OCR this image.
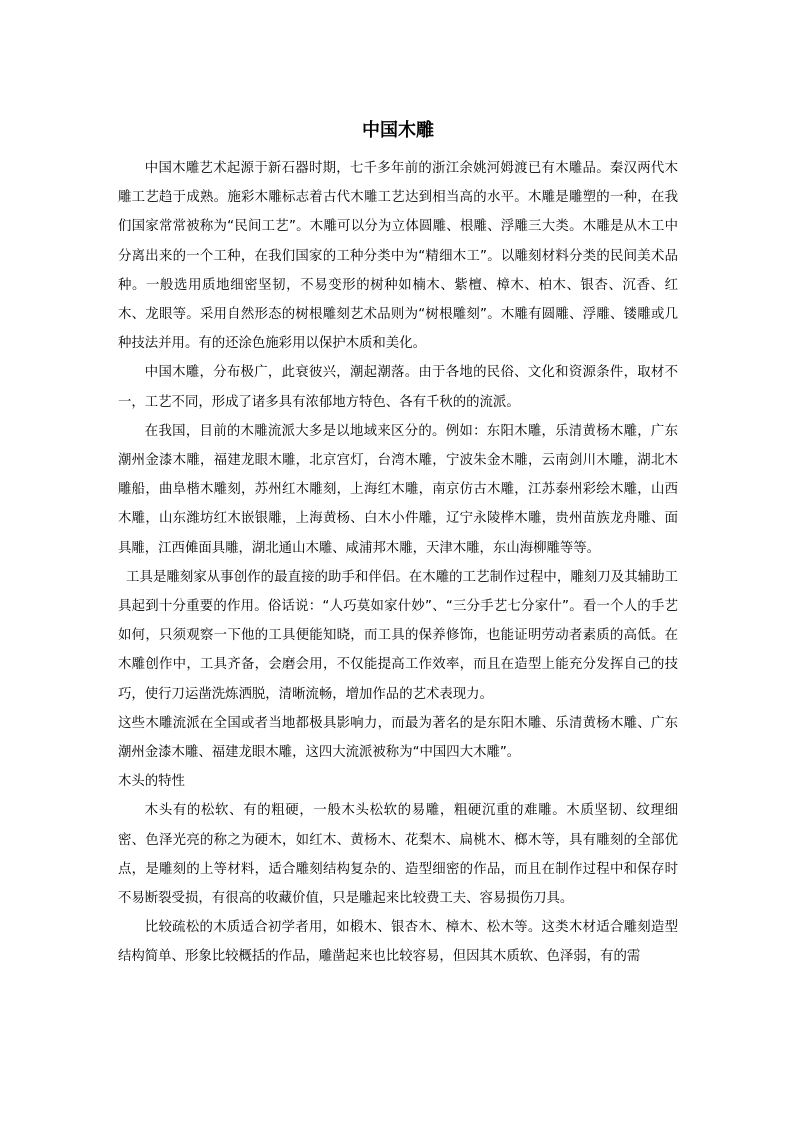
中国木雕

中国木雕艺术起源于新石器时期，七千多年前的浙江余姚河姆渡已有木雕品。秦汉两代木雕工艺趋于成熟。施彩木雕标志着古代木雕工艺达到相当高的水平。木雕是雕塑的一种，在我们国家常常被称为“民间工艺”。木雕可以分为立体圆雕、根雕、浮雕三大类。木雕是从木工中分离出来的一个工种，在我们国家的工种分类中为“精细木工”。以雕刻材料分类的民间美术品种。一般选用质地细密坚韧，不易变形的树种如楠木、紫檀、樟木、柏木、银杏、沉香、红木、龙眼等。采用自然形态的树根雕刻艺术品则为“树根雕刻”。木雕有圆雕、浮雕、镂雕或几种技法并用。有的还涂色施彩用以保护木质和美化。

中国木雕，分布极广，此衰彼兴，潮起潮落。由于各地的民俗、文化和资源条件，取材不一，工艺不同，形成了诸多具有浓郁地方特色、各有千秋的的流派。

在我国，目前的木雕流派大多是以地域来区分的。例如：东阳木雕，乐清黄杨木雕，广东潮州金漆木雕，福建龙眼木雕，北京宫灯，台湾木雕，宁波朱金木雕，云南剑川木雕，湖北木雕船，曲阜楷木雕刻，苏州红木雕刻，上海红木雕，南京仿古木雕，江苏泰州彩绘木雕，山西木雕，山东潍坊红木嵌银雕，上海黄杨、白木小件雕，辽宁永陵桦木雕，贵州苗族龙舟雕、面具雕，江西傩面具雕，湖北通山木雕、咸浦邦木雕，天津木雕，东山海柳雕等等。

工具是雕刻家从事创作的最直接的助手和伴侣。在木雕的工艺制作过程中，雕刻刀及其辅助工具起到十分重要的作用。俗话说：“人巧莫如家什妙”、“三分手艺七分家什”。看一个人的手艺如何，只须观察一下他的工具便能知晓，而工具的保养修饰，也能证明劳动者素质的高低。在木雕创作中，工具齐备，会磨会用，不仅能提高工作效率，而且在造型上能充分发挥自己的技巧，使行刀运凿洗炼洒脱，清晰流畅，增加作品的艺术表现力。

这些木雕流派在全国或者当地都极具影响力，而最为著名的是东阳木雕、乐清黄杨木雕、广东潮州金漆木雕、福建龙眼木雕，这四大流派被称为“中国四大木雕”。

木头的特性

木头有的松软、有的粗硬，一般木头松软的易雕，粗硬沉重的难雕。木质坚韧、纹理细密、色泽光亮的称之为硬木，如红木、黄杨木、花梨木、扁桃木、榔木等，具有雕刻的全部优点，是雕刻的上等材料，适合雕刻结构复杂的、造型细密的作品，而且在制作过程中和保存时不易断裂受损，有很高的收藏价值，只是雕起来比较费工夫、容易损伤刀具。

比较疏松的木质适合初学者用，如椴木、银杏木、樟木、松木等。这类木材适合雕刻造型结构简单、形象比较概括的作品，雕凿起来也比较容易，但因其木质软、色泽弱，有的需
